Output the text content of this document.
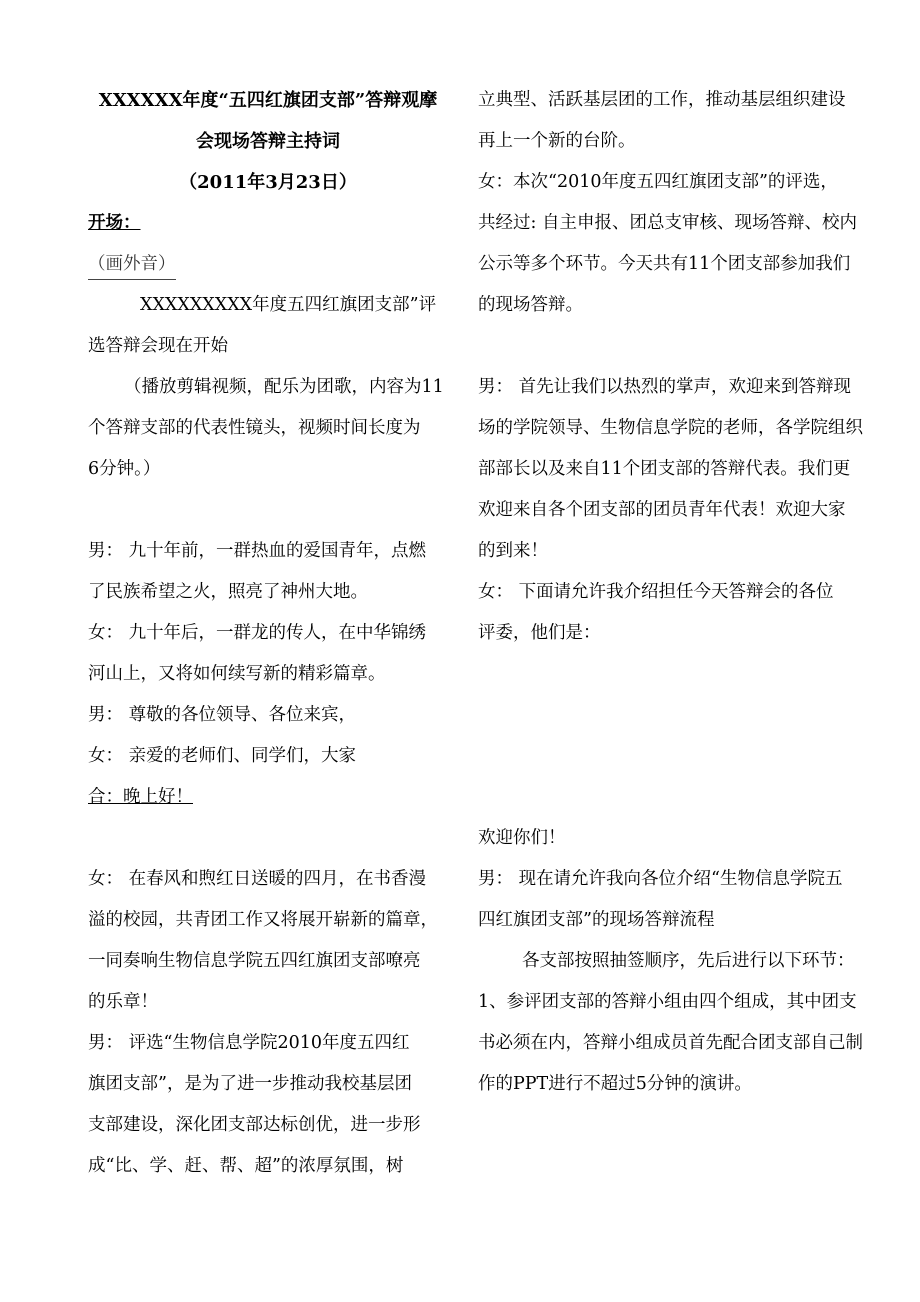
XXXXXX年度“五四红旗团支部”答辩观摩
会现场答辩主持词
（2011年3月23日）
开场：
（画外音）
XXXXXXXXX年度五四红旗团支部”评
选答辩会现在开始
（播放剪辑视频，配乐为团歌，内容为11
个答辩支部的代表性镜头，视频时间长度为
6分钟。）
男： 九十年前，一群热血的爱国青年，点燃
了民族希望之火，照亮了神州大地。
女： 九十年后，一群龙的传人，在中华锦绣
河山上，又将如何续写新的精彩篇章。
男： 尊敬的各位领导、各位来宾，
女： 亲爱的老师们、同学们，大家
合：晚上好！
女： 在春风和煦红日送暖的四月，在书香漫
溢的校园，共青团工作又将展开崭新的篇章，
一同奏响生物信息学院五四红旗团支部嘹亮
的乐章！
男： 评选“生物信息学院2010年度五四红
旗团支部”，是为了进一步推动我校基层团
支部建设，深化团支部达标创优，进一步形
成“比、学、赶、帮、超”的浓厚氛围，树
立典型、活跃基层团的工作，推动基层组织建设
再上一个新的台阶。
女：本次“2010年度五四红旗团支部”的评选，
共经过: 自主申报、团总支审核、现场答辩、校内
公示等多个环节。今天共有11个团支部参加我们
的现场答辩。
男： 首先让我们以热烈的掌声，欢迎来到答辩现
场的学院领导、生物信息学院的老师，各学院组织
部部长以及来自11个团支部的答辩代表。我们更
欢迎来自各个团支部的团员青年代表！欢迎大家
的到来！
女： 下面请允许我介绍担任今天答辩会的各位
评委，他们是：
欢迎你们！
男： 现在请允许我向各位介绍“生物信息学院五
四红旗团支部”的现场答辩流程
各支部按照抽签顺序，先后进行以下环节：
1、参评团支部的答辩小组由四个组成，其中团支
书必须在内，答辩小组成员首先配合团支部自己制
作的PPT进行不超过5分钟的演讲。
